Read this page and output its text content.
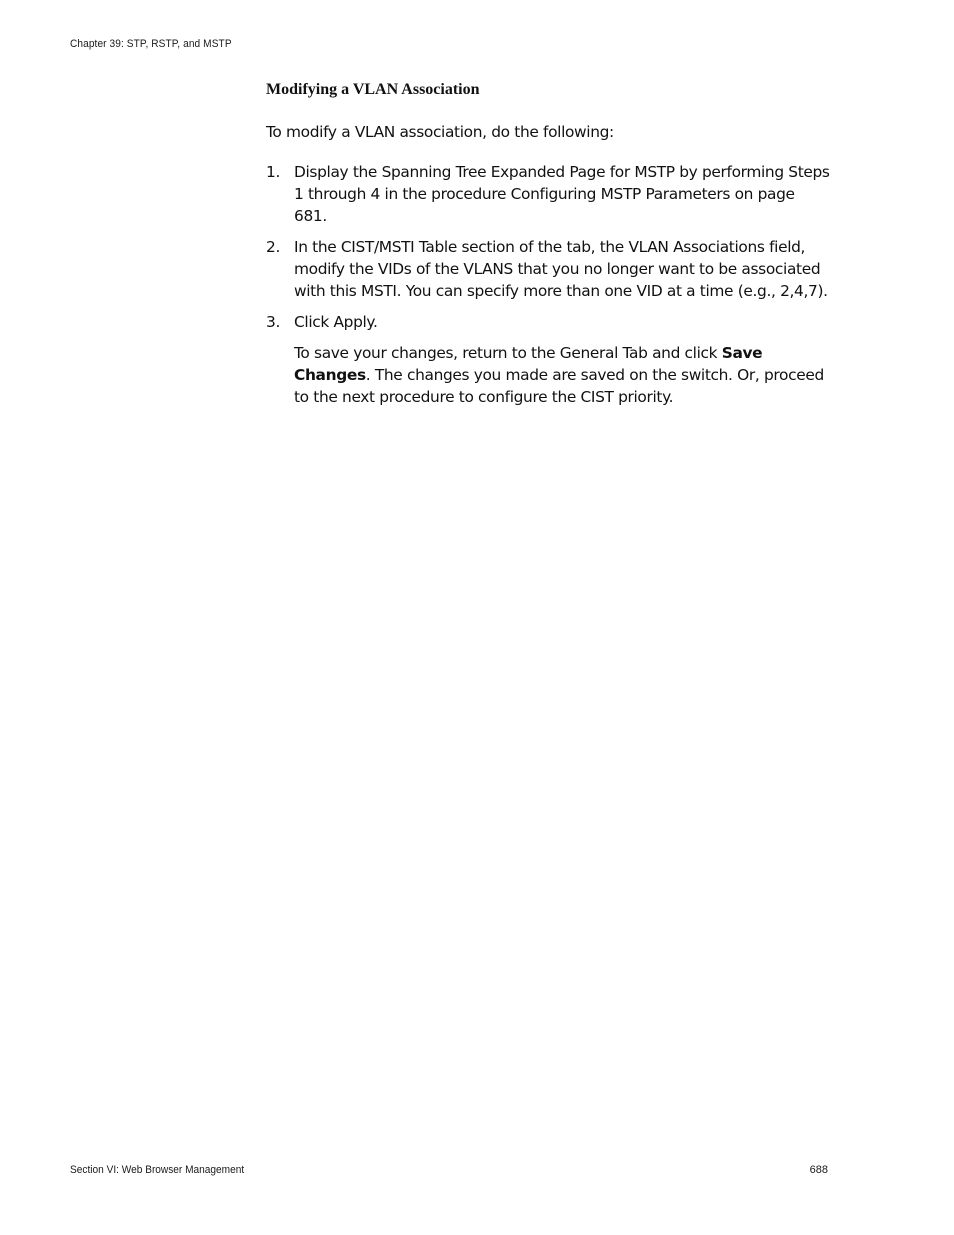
Chapter 39: STP, RSTP, and MSTP
Modifying a VLAN Association

To modify a VLAN association, do the following:

1. Display the Spanning Tree Expanded Page for MSTP by performing Steps 1 through 4 in the procedure Configuring MSTP Parameters on page 681.
2. In the CIST/MSTI Table section of the tab, the VLAN Associations field, modify the VIDs of the VLANS that you no longer want to be associated with this MSTI. You can specify more than one VID at a time (e.g., 2,4,7).
3. Click Apply.

To save your changes, return to the General Tab and click Save Changes. The changes you made are saved on the switch. Or, proceed to the next procedure to configure the CIST priority.

Section VI: Web Browser Management	688
